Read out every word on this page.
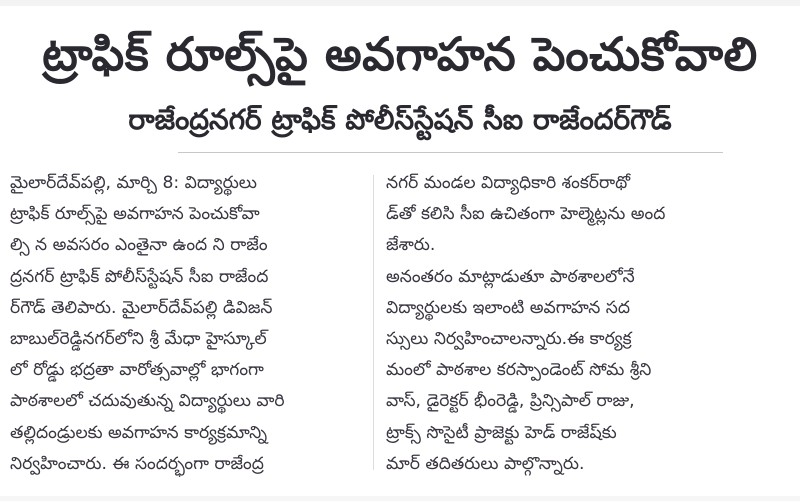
ట్రాఫిక్ రూల్స్‌పై అవగాహన పెంచుకోవాలి
రాజేంద్రనగర్ ట్రాఫిక్ పోలీస్‌స్టేషన్ సీఐ రాజేందర్‌గౌడ్
మైలార్‌దేవ్‌పల్లి, మార్చి 8: విద్యార్థులు
ట్రాఫిక్ రూల్స్‌పై అవగాహన పెంచుకోవా
ల్సి న అవసరం ఎంతైనా ఉంద ని రాజేం
ద్రనగర్ ట్రాఫిక్ పోలీస్‌స్టేషన్ సీఐ రాజేంద
ర్‌గౌడ్ తెలిపారు. మైలార్‌దేవ్‌పల్లి డివిజన్
బాబుల్‌రెడ్డినగర్‌లోని శ్రీ మేధా హైస్కూల్
లో రోడ్డు భద్రతా వారోత్సవాల్లో భాగంగా
పాఠశాలలో చదువుతున్న విద్యార్థులు వారి
తల్లిదండ్రులకు అవగాహన కార్యక్రమాన్ని
నిర్వహించారు. ఈ సందర్భంగా రాజేంద్ర
నగర్ మండల విద్యాధికారి శంకర్‌రాథో
డ్‌తో కలిసి సీఐ ఉచితంగా హెల్మెట్లను అంద
జేశారు.
అనంతరం మాట్లాడుతూ పాఠశాలలోనే
విద్యార్థులకు ఇలాంటి అవగాహన సద
స్సులు నిర్వహించాలన్నారు.ఈ కార్యక్ర
మంలో పాఠశాల కరస్పాండెంట్ సోమ శ్రీని
వాస్, డైరెక్టర్ భీంరెడ్డి, ప్రిన్సిపాల్ రాజు,
ట్రాక్స్ సొసైటీ ప్రాజెక్టు హెడ్ రాజేష్‌కు
మార్ తదితరులు పాల్గొన్నారు.
